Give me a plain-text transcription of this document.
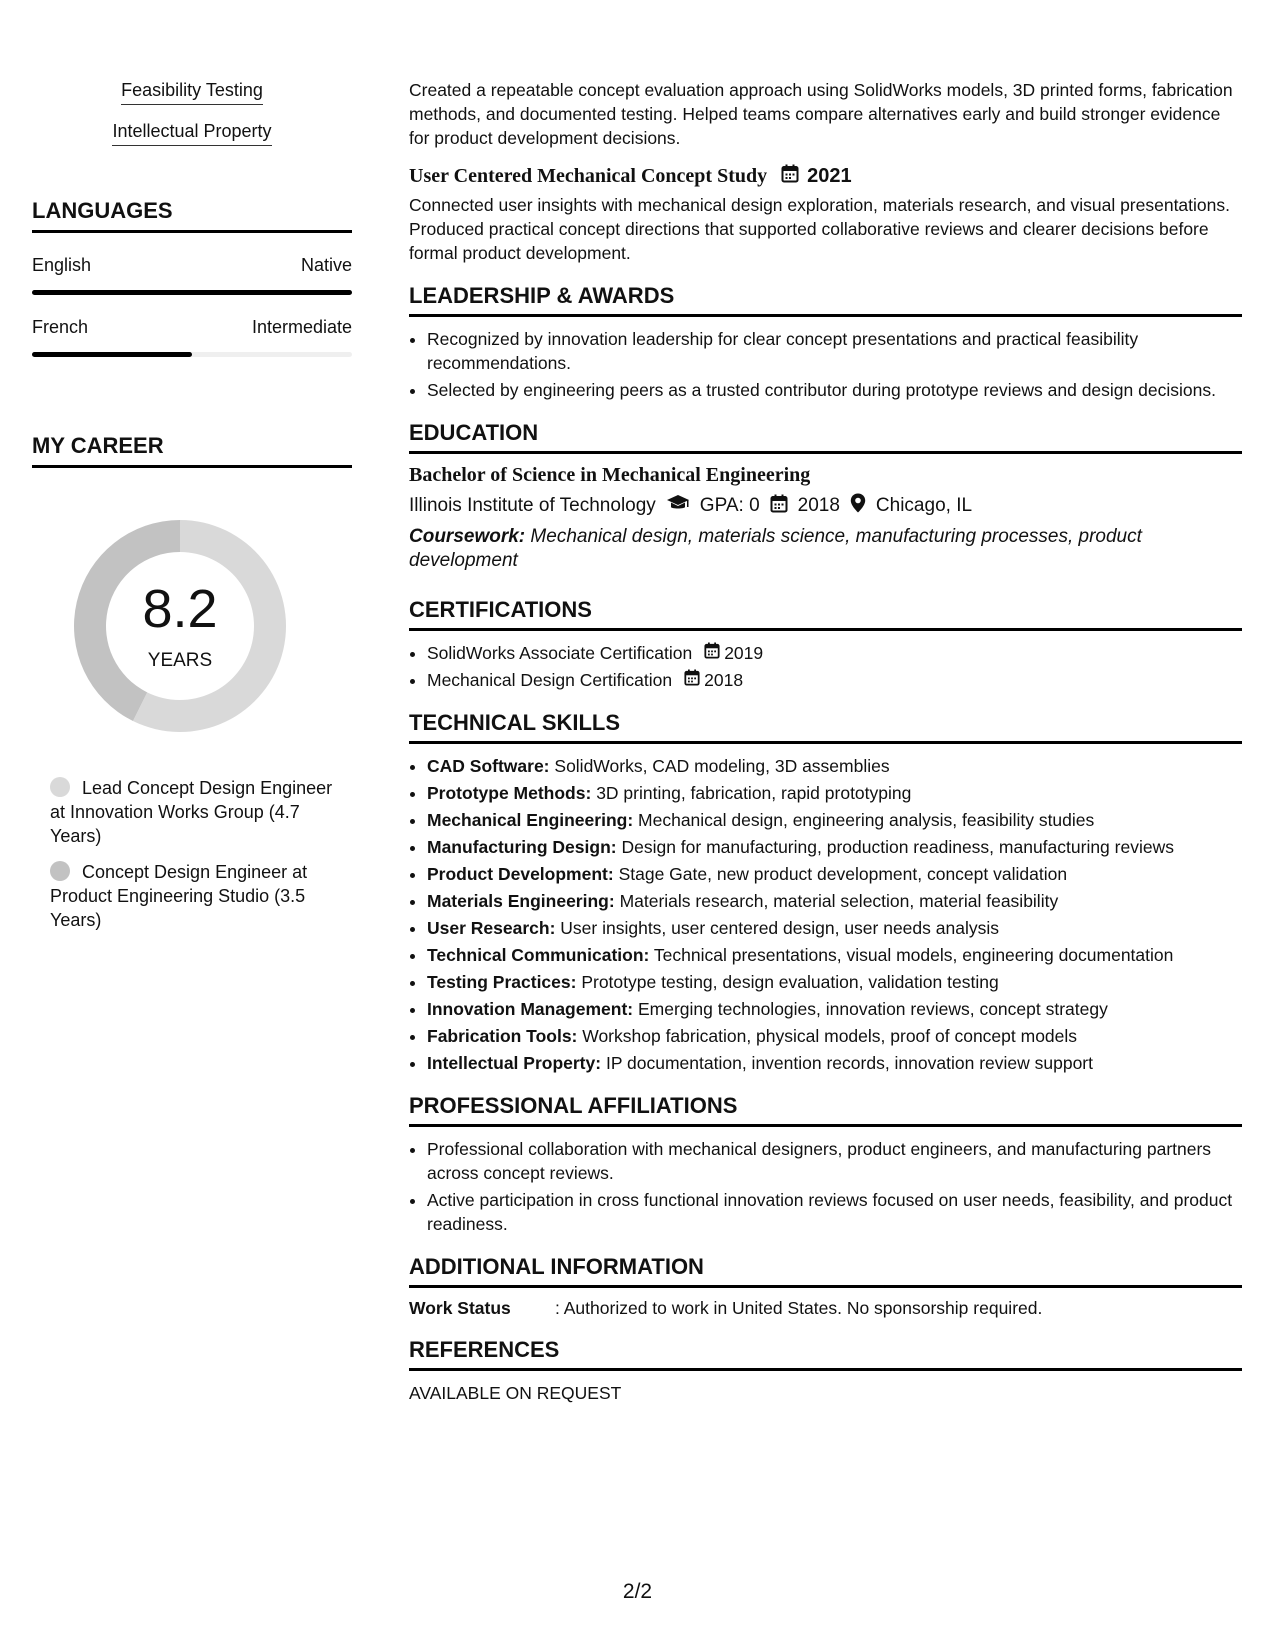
Feasibility Testing
Intellectual Property
LANGUAGES
English	Native
French	Intermediate
MY CAREER
8.2
YEARS
Lead Concept Design Engineer at Innovation Works Group (4.7 Years)
Concept Design Engineer at Product Engineering Studio (3.5 Years)

Created a repeatable concept evaluation approach using SolidWorks models, 3D printed forms, fabrication methods, and documented testing. Helped teams compare alternatives early and build stronger evidence for product development decisions.

User Centered Mechanical Concept Study 2021

Connected user insights with mechanical design exploration, materials research, and visual presentations. Produced practical concept directions that supported collaborative reviews and clearer decisions before formal product development.

LEADERSHIP & AWARDS
• Recognized by innovation leadership for clear concept presentations and practical feasibility recommendations.
• Selected by engineering peers as a trusted contributor during prototype reviews and design decisions.
EDUCATION
Bachelor of Science in Mechanical Engineering
Illinois Institute of Technology GPA: 0 2018 Chicago, IL
Coursework: Mechanical design, materials science, manufacturing processes, product development
CERTIFICATIONS
• SolidWorks Associate Certification 2019
• Mechanical Design Certification 2018
TECHNICAL SKILLS
• CAD Software: SolidWorks, CAD modeling, 3D assemblies
• Prototype Methods: 3D printing, fabrication, rapid prototyping
• Mechanical Engineering: Mechanical design, engineering analysis, feasibility studies
• Manufacturing Design: Design for manufacturing, production readiness, manufacturing reviews
• Product Development: Stage Gate, new product development, concept validation
• Materials Engineering: Materials research, material selection, material feasibility
• User Research: User insights, user centered design, user needs analysis
• Technical Communication: Technical presentations, visual models, engineering documentation
• Testing Practices: Prototype testing, design evaluation, validation testing
• Innovation Management: Emerging technologies, innovation reviews, concept strategy
• Fabrication Tools: Workshop fabrication, physical models, proof of concept models
• Intellectual Property: IP documentation, invention records, innovation review support
PROFESSIONAL AFFILIATIONS
• Professional collaboration with mechanical designers, product engineers, and manufacturing partners across concept reviews.
• Active participation in cross functional innovation reviews focused on user needs, feasibility, and product readiness.
ADDITIONAL INFORMATION
Work Status	: Authorized to work in United States. No sponsorship required.
REFERENCES
AVAILABLE ON REQUEST
2/2
